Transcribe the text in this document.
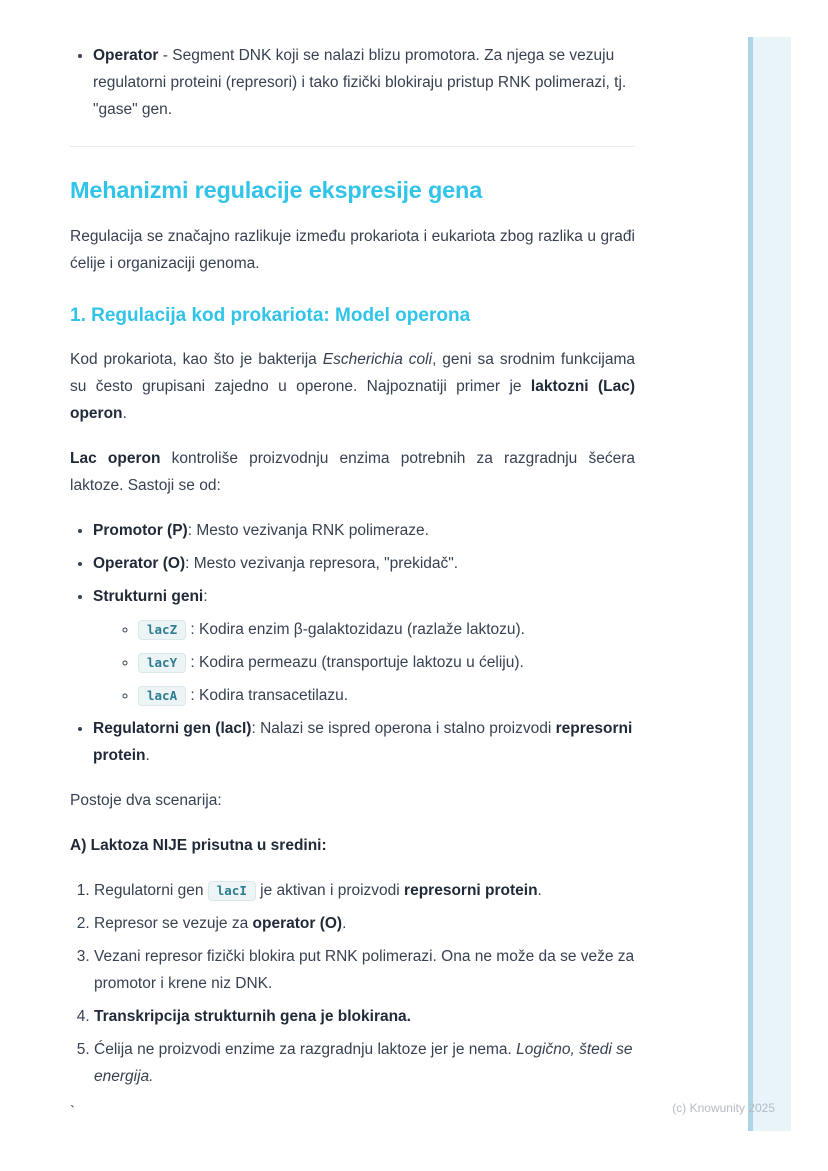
• Operator - Segment DNK koji se nalazi blizu promotora. Za njega se vezuju regulatorni proteini (represori) i tako fizički blokiraju pristup RNK polimerazi, tj. "gase" gen.
Mehanizmi regulacije ekspresije gena

Regulacija se značajno razlikuje između prokariota i eukariota zbog razlika u građi ćelije i organizaciji genoma.

1. Regulacija kod prokariota: Model operona

Kod prokariota, kao što je bakterija Escherichia coli, geni sa srodnim funkcijama su često grupisani zajedno u operone. Najpoznatiji primer je laktozni (Lac) operon.

Lac operon kontroliše proizvodnju enzima potrebnih za razgradnju šećera laktoze. Sastoji se od:

• Promotor (P): Mesto vezivanja RNK polimeraze.
• Operator (O): Mesto vezivanja represora, "prekidač".
• Strukturni geni:
◦ lacZ : Kodira enzim β-galaktozidazu (razlaže laktozu).
◦ lacY : Kodira permeazu (transportuje laktozu u ćeliju).
◦ lacA : Kodira transacetilazu.
• Regulatorni gen (lacI): Nalazi se ispred operona i stalno proizvodi represorni protein.

Postoje dva scenarija:

A) Laktoza NIJE prisutna u sredini:

1. Regulatorni gen lacI je aktivan i proizvodi represorni protein.
2. Represor se vezuje za operator (O).
3. Vezani represor fizički blokira put RNK polimerazi. Ona ne može da se veže za promotor i krene niz DNK.
4. Transkripcija strukturnih gena je blokirana.
5. Ćelija ne proizvodi enzime za razgradnju laktoze jer je nema. Logično, štedi se energija.
`	(c) Knowunity 2025
